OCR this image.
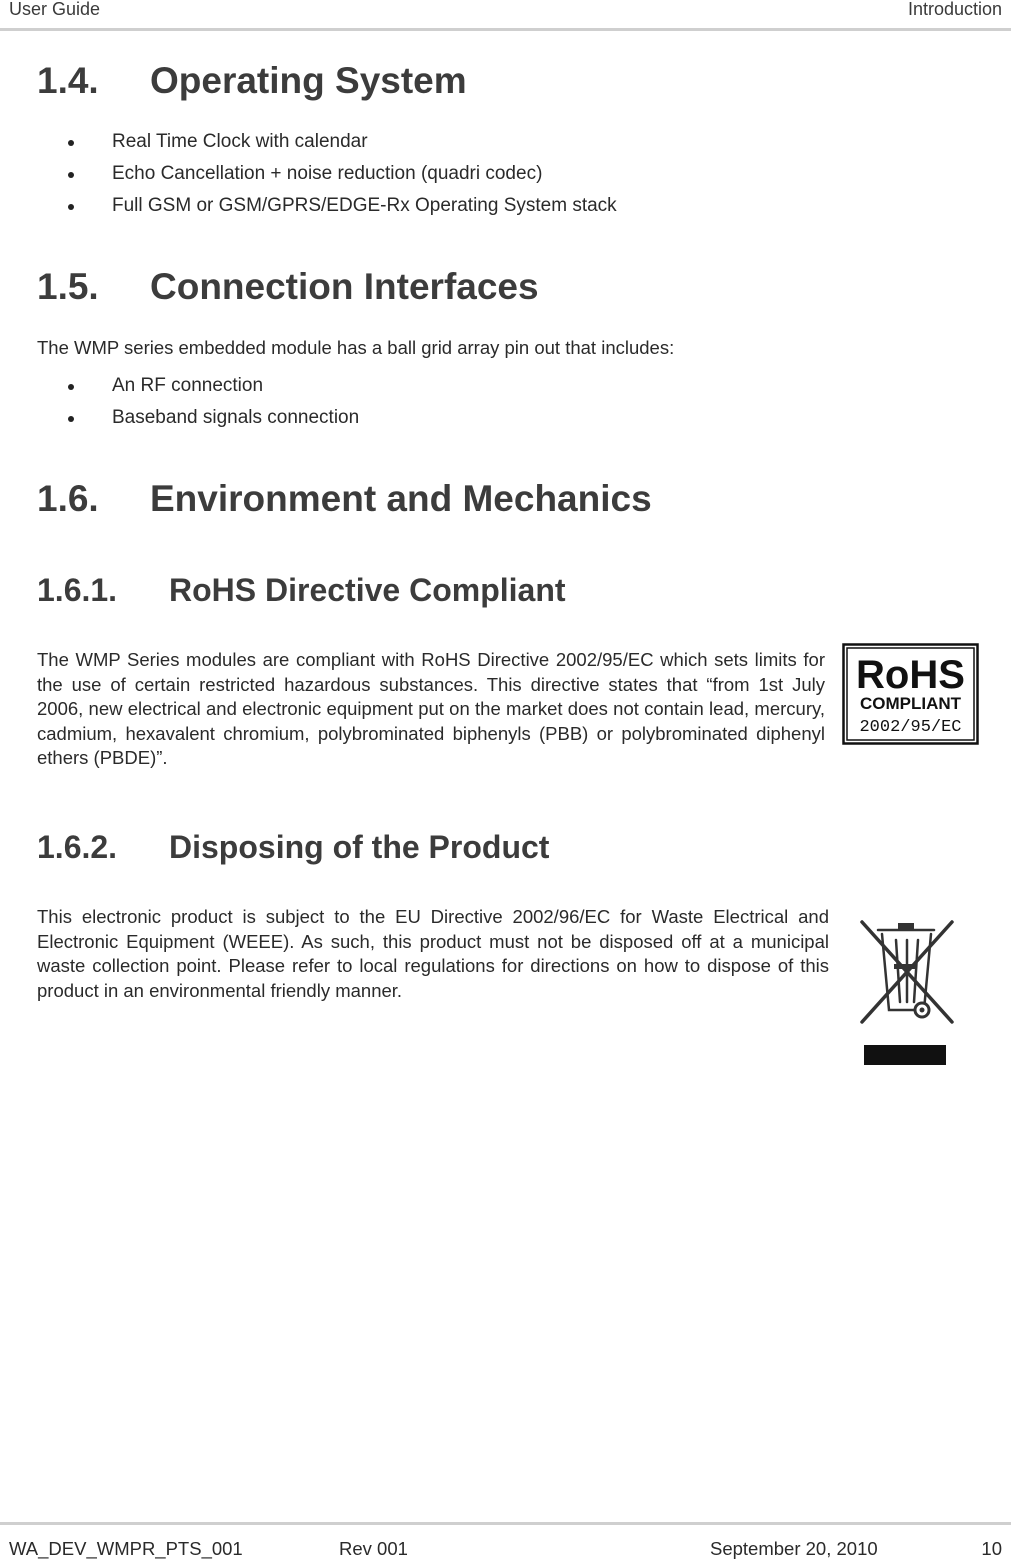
User Guide	Introduction
1.4. Operating System
Real Time Clock with calendar
Echo Cancellation + noise reduction (quadri codec)
Full GSM or GSM/GPRS/EDGE-Rx Operating System stack
1.5. Connection Interfaces
The WMP series embedded module has a ball grid array pin out that includes:
An RF connection
Baseband signals connection
1.6. Environment and Mechanics
1.6.1. RoHS Directive Compliant
The WMP Series modules are compliant with RoHS Directive 2002/95/EC which sets limits for the use of certain restricted hazardous substances. This directive states that “from 1st July 2006, new electrical and electronic equipment put on the market does not contain lead, mercury, cadmium, hexavalent chromium, polybrominated biphenyls (PBB) or polybrominated diphenyl ethers (PBDE)”.
RoHS
COMPLIANT
2002/95/EC
1.6.2. Disposing of the Product
This electronic product is subject to the EU Directive 2002/96/EC for Waste Electrical and Electronic Equipment (WEEE). As such, this product must not be disposed off at a municipal waste collection point. Please refer to local regulations for directions on how to dispose of this product in an environmental friendly manner.
WA_DEV_WMPR_PTS_001	Rev 001	September 20, 2010	10
